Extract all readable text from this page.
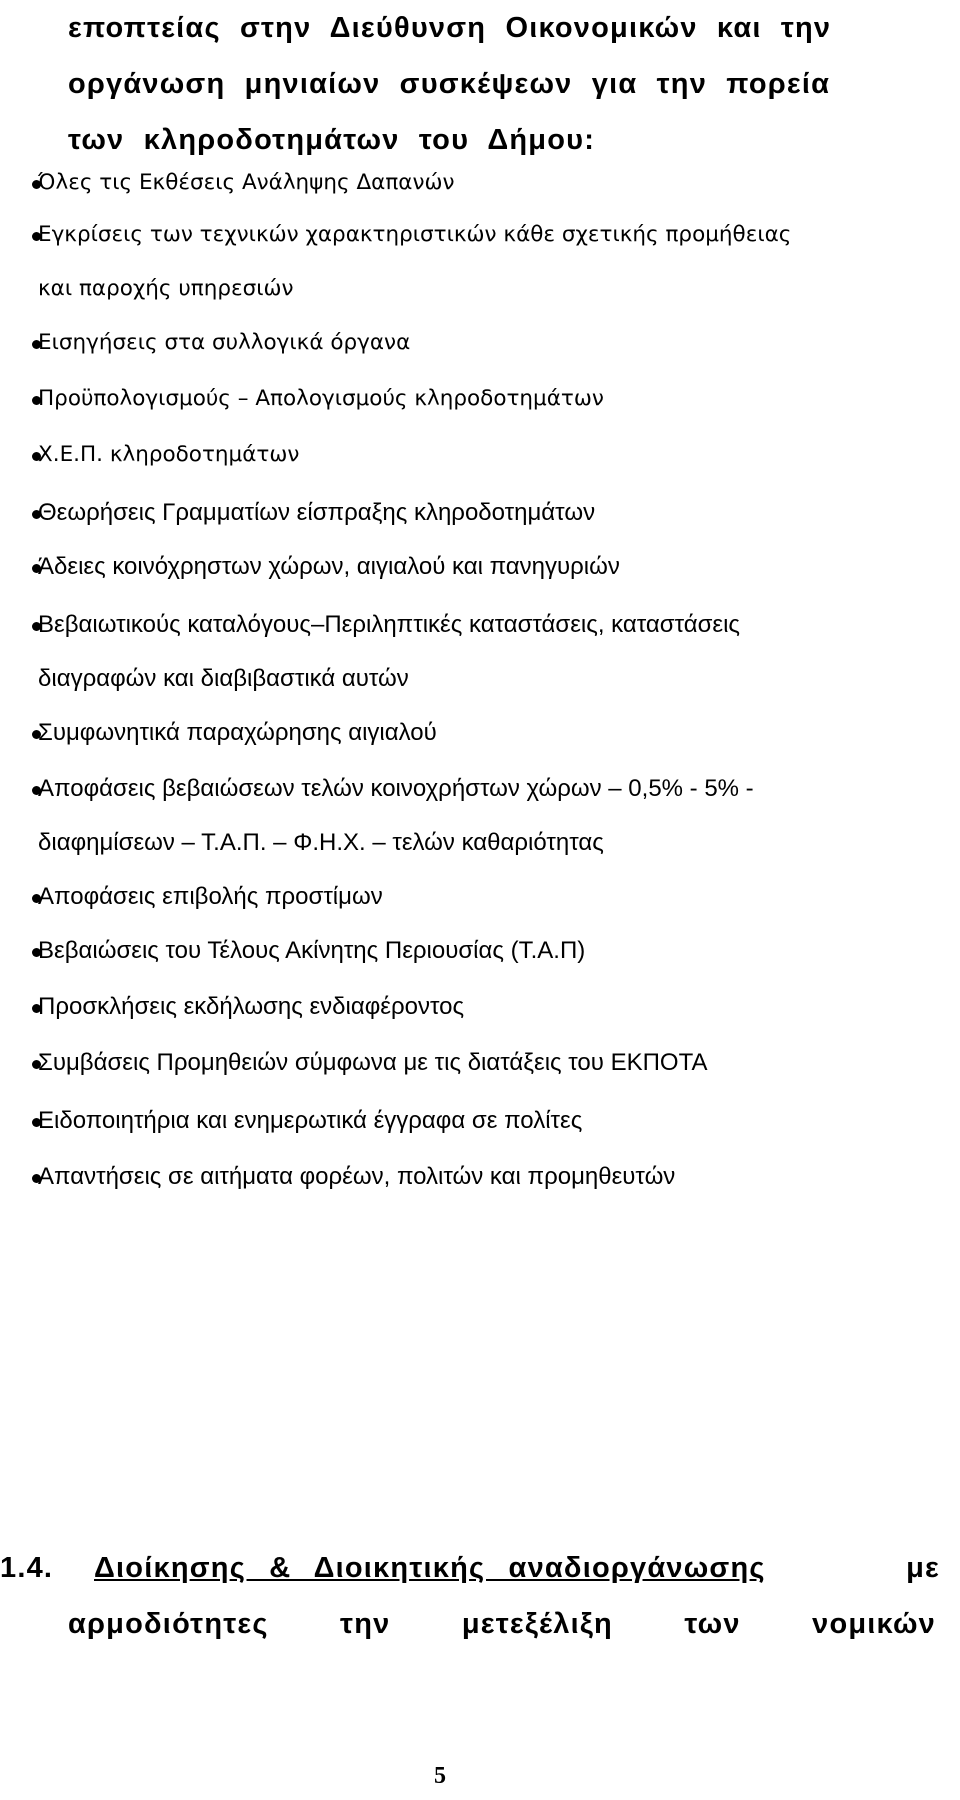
εποπτείας στην Διεύθυνση Οικονομικών και την
οργάνωση μηνιαίων συσκέψεων για την πορεία
των κληροδοτημάτων του Δήμου:
Όλες τις Εκθέσεις Ανάληψης Δαπανών
Εγκρίσεις των τεχνικών χαρακτηριστικών κάθε σχετικής προμήθειας
και παροχής υπηρεσιών
Εισηγήσεις στα συλλογικά όργανα
Προϋπολογισμούς – Απολογισμούς κληροδοτημάτων
Χ.Ε.Π. κληροδοτημάτων
Θεωρήσεις Γραμματίων είσπραξης κληροδοτημάτων
Άδειες κοινόχρηστων χώρων, αιγιαλού και πανηγυριών
Βεβαιωτικούς καταλόγους–Περιληπτικές καταστάσεις, καταστάσεις
διαγραφών και διαβιβαστικά αυτών
Συμφωνητικά παραχώρησης αιγιαλού
Αποφάσεις βεβαιώσεων τελών κοινοχρήστων χώρων – 0,5% - 5% -
διαφημίσεων – Τ.Α.Π. – Φ.Η.Χ. – τελών καθαριότητας
Αποφάσεις επιβολής προστίμων
Βεβαιώσεις του Τέλους Ακίνητης Περιουσίας (Τ.Α.Π)
Προσκλήσεις εκδήλωσης ενδιαφέροντος
Συμβάσεις Προμηθειών σύμφωνα με τις διατάξεις του ΕΚΠΟΤΑ
Ειδοποιητήρια και ενημερωτικά έγγραφα σε πολίτες
Απαντήσεις σε αιτήματα φορέων, πολιτών και προμηθευτών
1.4. Διοίκησης & Διοικητικής αναδιοργάνωσης	με
αρμοδιότητες την μετεξέλιξη των νομικών
5
